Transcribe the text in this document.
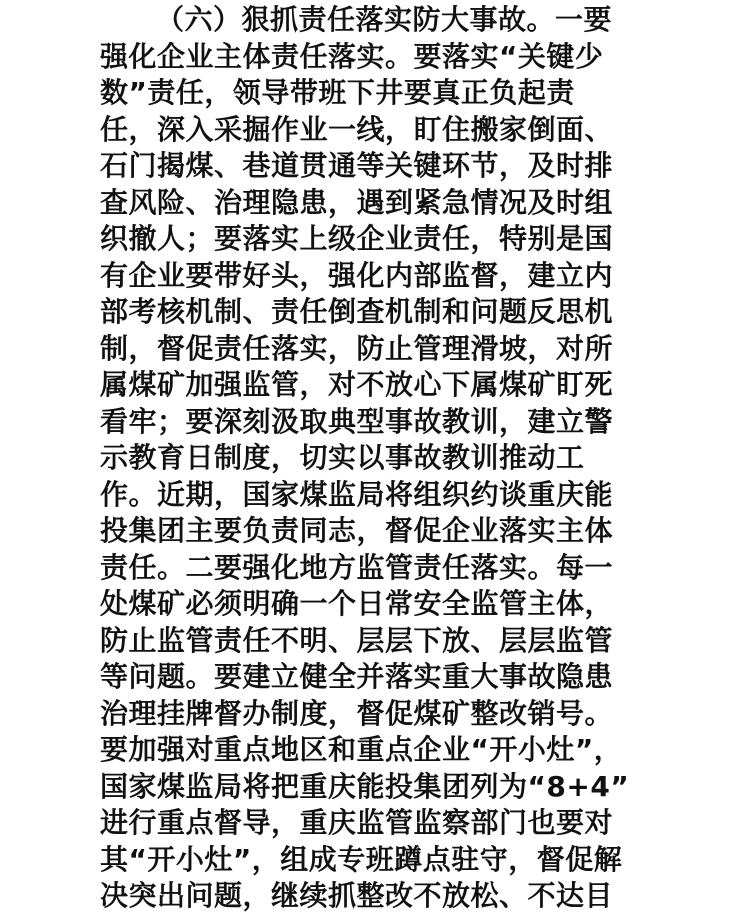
（六）狠抓责任落实防大事故。一要
强化企业主体责任落实。要落实“关键少
数”责任，领导带班下井要真正负起责
任，深入采掘作业一线，盯住搬家倒面、
石门揭煤、巷道贯通等关键环节，及时排
查风险、治理隐患，遇到紧急情况及时组
织撤人；要落实上级企业责任，特别是国
有企业要带好头，强化内部监督，建立内
部考核机制、责任倒查机制和问题反思机
制，督促责任落实，防止管理滑坡，对所
属煤矿加强监管，对不放心下属煤矿盯死
看牢；要深刻汲取典型事故教训，建立警
示教育日制度，切实以事故教训推动工
作。近期，国家煤监局将组织约谈重庆能
投集团主要负责同志，督促企业落实主体
责任。二要强化地方监管责任落实。每一
处煤矿必须明确一个日常安全监管主体，
防止监管责任不明、层层下放、层层监管
等问题。要建立健全并落实重大事故隐患
治理挂牌督办制度，督促煤矿整改销号。
要加强对重点地区和重点企业“开小灶”，
国家煤监局将把重庆能投集团列为“8+4”
进行重点督导，重庆监管监察部门也要对
其“开小灶”，组成专班蹲点驻守，督促解
决突出问题，继续抓整改不放松、不达目
